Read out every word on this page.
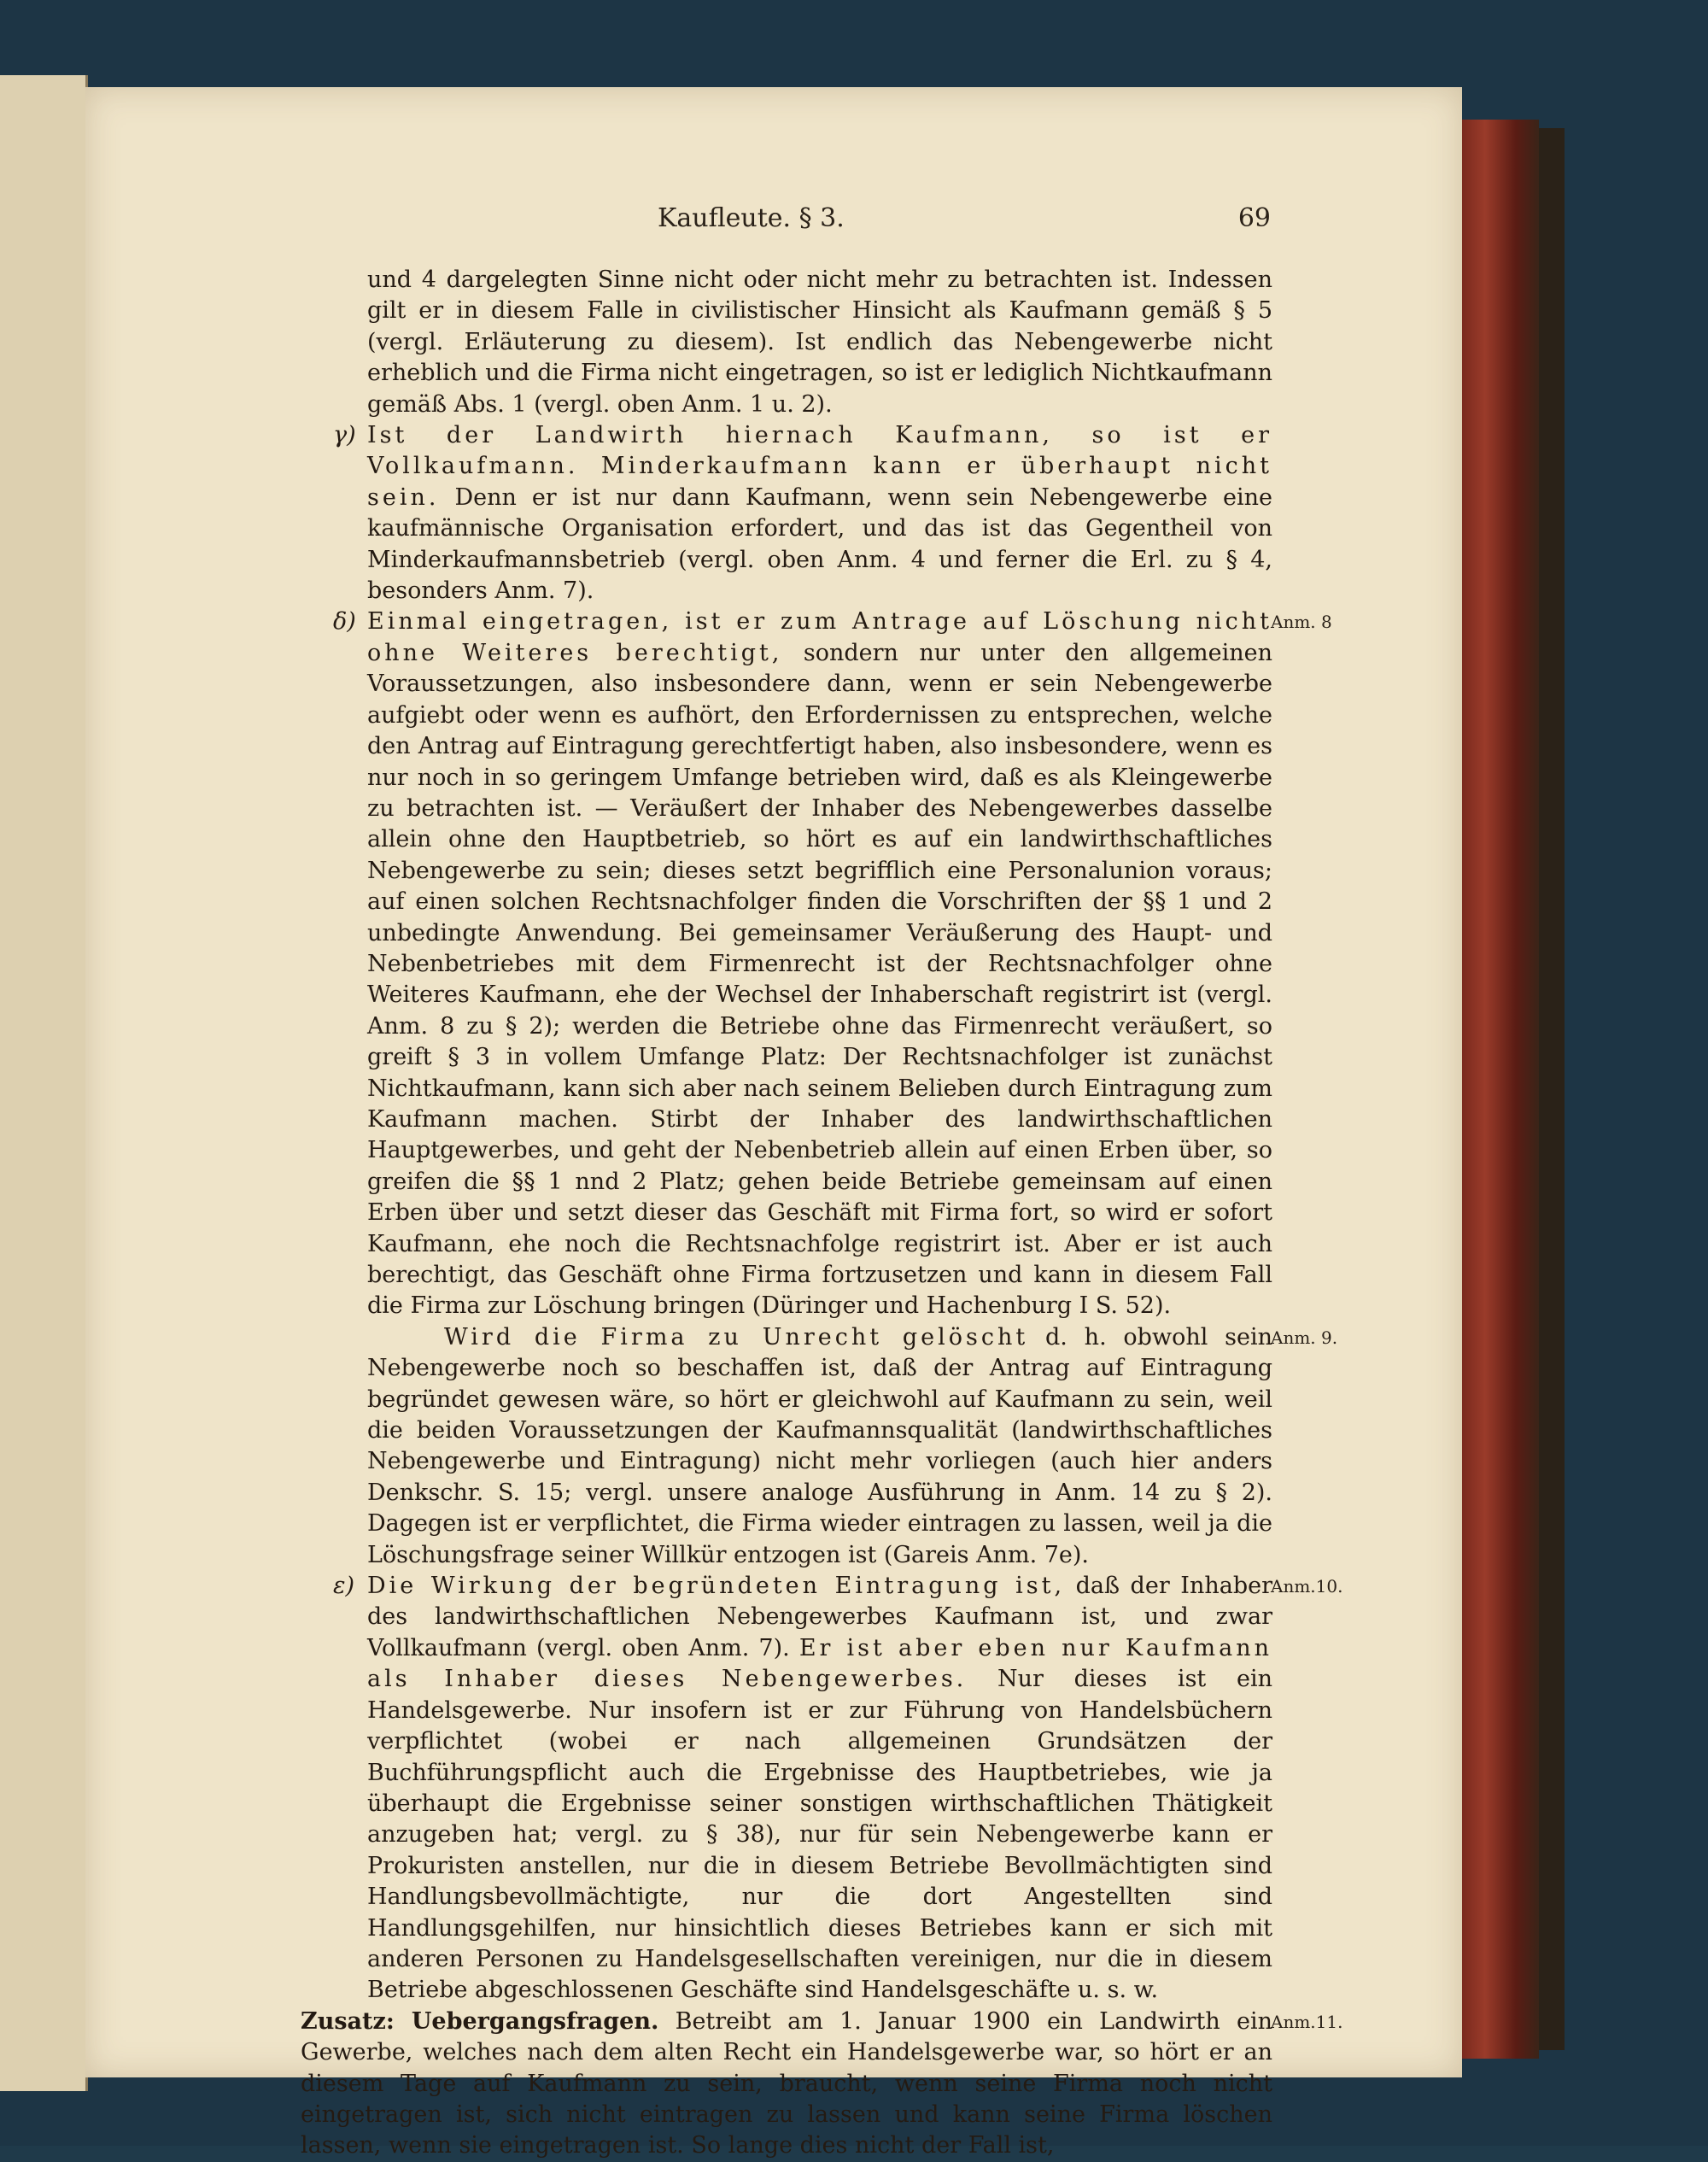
Kaufleute. § 3.	69

und 4 dargelegten Sinne nicht oder nicht mehr zu betrachten ist. Indessen gilt er in diesem Falle in civilistischer Hinsicht als Kaufmann gemäß § 5 (vergl. Erläuterung zu diesem). Ist endlich das Nebengewerbe nicht erheblich und die Firma nicht eingetragen, so ist er lediglich Nichtkaufmann gemäß Abs. 1 (vergl. oben Anm. 1 u. 2).

γ) Ist der Landwirth hiernach Kaufmann, so ist er Vollkaufmann. Minderkaufmann kann er überhaupt nicht sein. Denn er ist nur dann Kaufmann, wenn sein Nebengewerbe eine kaufmännische Organisation erfordert, und das ist das Gegentheil von Minderkaufmannsbetrieb (vergl. oben Anm. 4 und ferner die Erl. zu § 4, besonders Anm. 7).

δ)	Anm. 8

Einmal eingetragen, ist er zum Antrage auf Löschung nicht ohne Weiteres berechtigt, sondern nur unter den allgemeinen Voraussetzungen, also insbesondere dann, wenn er sein Nebengewerbe aufgiebt oder wenn es aufhört, den Erfordernissen zu entsprechen, welche den Antrag auf Eintragung gerechtfertigt haben, also insbesondere, wenn es nur noch in so geringem Umfange betrieben wird, daß es als Kleingewerbe zu betrachten ist. — Veräußert der Inhaber des Nebengewerbes dasselbe allein ohne den Hauptbetrieb, so hört es auf ein landwirthschaftliches Nebengewerbe zu sein; dieses setzt begrifflich eine Personalunion voraus; auf einen solchen Rechtsnachfolger finden die Vorschriften der §§ 1 und 2 unbedingte Anwendung. Bei gemeinsamer Veräußerung des Haupt- und Nebenbetriebes mit dem Firmenrecht ist der Rechtsnachfolger ohne Weiteres Kaufmann, ehe der Wechsel der Inhaberschaft registrirt ist (vergl. Anm. 8 zu § 2); werden die Betriebe ohne das Firmenrecht veräußert, so greift § 3 in vollem Umfange Platz: Der Rechtsnachfolger ist zunächst Nichtkaufmann, kann sich aber nach seinem Belieben durch Eintragung zum Kaufmann machen. Stirbt der Inhaber des landwirthschaftlichen Hauptgewerbes, und geht der Nebenbetrieb allein auf einen Erben über, so greifen die §§ 1 nnd 2 Platz; gehen beide Betriebe gemeinsam auf einen Erben über und setzt dieser das Geschäft mit Firma fort, so wird er sofort Kaufmann, ehe noch die Rechtsnachfolge registrirt ist. Aber er ist auch berechtigt, das Geschäft ohne Firma fortzusetzen und kann in diesem Fall die Firma zur Löschung bringen (Düringer und Hachenburg I S. 52).

Anm. 9.

Wird die Firma zu Unrecht gelöscht d. h. obwohl sein Nebengewerbe noch so beschaffen ist, daß der Antrag auf Eintragung begründet gewesen wäre, so hört er gleichwohl auf Kaufmann zu sein, weil die beiden Voraussetzungen der Kaufmannsqualität (landwirthschaftliches Nebengewerbe und Eintragung) nicht mehr vorliegen (auch hier anders Denkschr. S. 15; vergl. unsere analoge Ausführung in Anm. 14 zu § 2). Dagegen ist er verpflichtet, die Firma wieder eintragen zu lassen, weil ja die Löschungsfrage seiner Willkür entzogen ist (Gareis Anm. 7e).

ε)	Anm.10.

Die Wirkung der begründeten Eintragung ist, daß der Inhaber des landwirthschaftlichen Nebengewerbes Kaufmann ist, und zwar Vollkaufmann (vergl. oben Anm. 7). Er ist aber eben nur Kaufmann als Inhaber dieses Nebengewerbes. Nur dieses ist ein Handelsgewerbe. Nur insofern ist er zur Führung von Handelsbüchern verpflichtet (wobei er nach allgemeinen Grundsätzen der Buchführungspflicht auch die Ergebnisse des Hauptbetriebes, wie ja überhaupt die Ergebnisse seiner sonstigen wirthschaftlichen Thätigkeit anzugeben hat; vergl. zu § 38), nur für sein Nebengewerbe kann er Prokuristen anstellen, nur die in diesem Betriebe Bevollmächtigten sind Handlungsbevollmächtigte, nur die dort Angestellten sind Handlungsgehilfen, nur hinsichtlich dieses Betriebes kann er sich mit anderen Personen zu Handelsgesellschaften vereinigen, nur die in diesem Betriebe abgeschlossenen Geschäfte sind Handelsgeschäfte u. s. w.

Anm.11.

Zusatz: Uebergangsfragen. Betreibt am 1. Januar 1900 ein Landwirth ein Gewerbe, welches nach dem alten Recht ein Handelsgewerbe war, so hört er an diesem Tage auf Kaufmann zu sein, braucht, wenn seine Firma noch nicht eingetragen ist, sich nicht eintragen zu lassen und kann seine Firma löschen lassen, wenn sie eingetragen ist. So lange dies nicht der Fall ist,
